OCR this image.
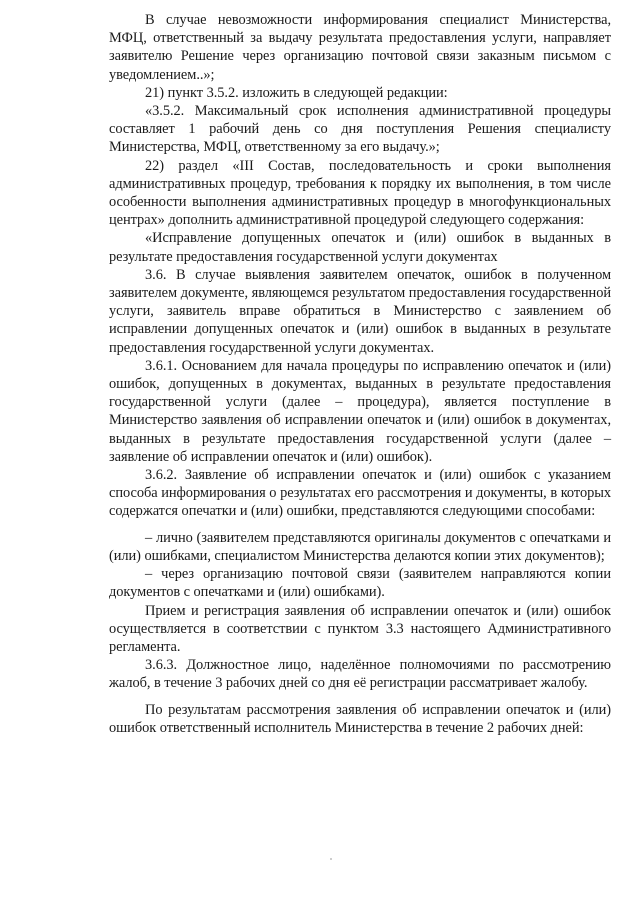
В случае невозможности информирования специалист Министерства, МФЦ, ответственный за выдачу результата предоставления услуги, направляет заявителю Решение через организацию почтовой связи заказным письмом с уведомлением..»;

21) пункт 3.5.2. изложить в следующей редакции:

«3.5.2. Максимальный срок исполнения административной процедуры составляет 1 рабочий день со дня поступления Решения специалисту Министерства, МФЦ, ответственному за его выдачу.»;

22) раздел «III Состав, последовательность и сроки выполнения административных процедур, требования к порядку их выполнения, в том числе особенности выполнения административных процедур в многофункциональных центрах» дополнить административной процедурой следующего содержания:

«Исправление допущенных опечаток и (или) ошибок в выданных в результате предоставления государственной услуги документах

3.6. В случае выявления заявителем опечаток, ошибок в полученном заявителем документе, являющемся результатом предоставления государственной услуги, заявитель вправе обратиться в Министерство с заявлением об исправлении допущенных опечаток и (или) ошибок в выданных в результате предоставления государственной услуги документах.

3.6.1. Основанием для начала процедуры по исправлению опечаток и (или) ошибок, допущенных в документах, выданных в результате предоставления государственной услуги (далее – процедура), является поступление в Министерство заявления об исправлении опечаток и (или) ошибок в документах, выданных в результате предоставления государственной услуги (далее – заявление об исправлении опечаток и (или) ошибок).

3.6.2. Заявление об исправлении опечаток и (или) ошибок с указанием способа информирования о результатах его рассмотрения и документы, в которых содержатся опечатки и (или) ошибки, представляются следующими способами:

– лично (заявителем представляются оригиналы документов с опечатками и (или) ошибками, специалистом Министерства делаются копии этих документов);

– через организацию почтовой связи (заявителем направляются копии документов с опечатками и (или) ошибками).

Прием и регистрация заявления об исправлении опечаток и (или) ошибок осуществляется в соответствии с пунктом 3.3 настоящего Административного регламента.

3.6.3. Должностное лицо, наделённое полномочиями по рассмотрению жалоб, в течение 3 рабочих дней со дня её регистрации рассматривает жалобу.

По результатам рассмотрения заявления об исправлении опечаток и (или) ошибок ответственный исполнитель Министерства в течение 2 рабочих дней:
